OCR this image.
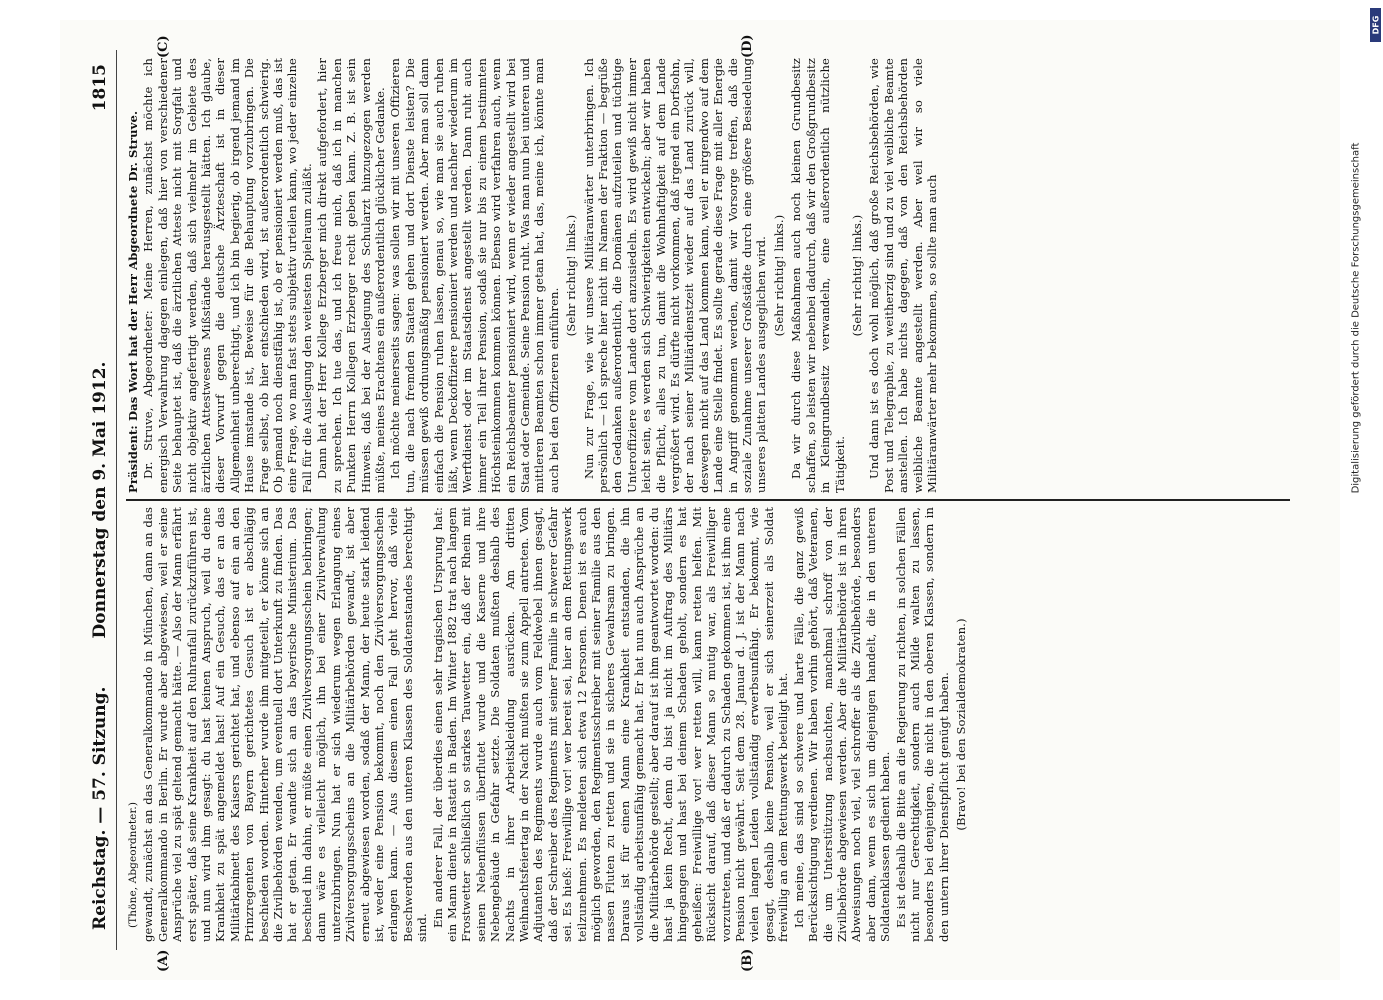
Reichstag. — 57. Sitzung.
Donnerstag den 9. Mai 1912.
1815
(A)	(B)
(C)	(D)

(Thöne, Abgeordneter.) gewandt, zunächst an das Generalkommando in München, dann an das Generalkommando in Berlin. Er wurde aber abgewiesen, weil er seine Ansprüche viel zu spät geltend gemacht hätte. — Also der Mann erfährt erst später, daß seine Krankheit auf den Ruhranfall zurückzuführen ist, und nun wird ihm gesagt: du hast keinen Anspruch, weil du deine Krankheit zu spät angemeldet hast! Auf ein Gesuch, das er an das Militärkabinett des Kaisers gerichtet hat, und ebenso auf ein an den Prinzregenten von Bayern gerichtetes Gesuch ist er abschlägig beschieden worden. Hinterher wurde ihm mitgeteilt, er könne sich an die Zivilbehörden wenden, um eventuell dort Unterkunft zu finden. Das hat er getan. Er wandte sich an das bayerische Ministerium. Das beschied ihn dahin, er müßte einen Zivilversorgungsschein beibringen; dann wäre es vielleicht möglich, ihn bei einer Zivilverwaltung unterzubringen. Nun hat er sich wiederum wegen Erlangung eines Zivilversorgungsscheins an die Militärbehörden gewandt, ist aber erneut abgewiesen worden, sodaß der Mann, der heute stark leidend ist, weder eine Pension bekommt, noch den Zivilversorgungsschein erlangen kann. — Aus diesem einen Fall geht hervor, daß viele Beschwerden aus den unteren Klassen des Soldatenstandes berechtigt sind. Ein anderer Fall, der überdies einen sehr tragischen Ursprung hat: ein Mann diente in Rastatt in Baden. Im Winter 1882 trat nach langem Frostwetter schließlich so starkes Tauwetter ein, daß der Rhein mit seinen Nebenflüssen überflutet wurde und die Kaserne und ihre Nebengebäude in Gefahr setzte. Die Soldaten mußten deshalb des Nachts in ihrer Arbeitskleidung ausrücken. Am dritten Weihnachtsfeiertag in der Nacht mußten sie zum Appell antreten. Vom Adjutanten des Regiments wurde auch vom Feldwebel ihnen gesagt, daß der Schreiber des Regiments mit seiner Familie in schwerer Gefahr sei. Es hieß: Freiwillige vor! wer bereit sei, hier an dem Rettungswerk teilzunehmen. Es meldeten sich etwa 12 Personen. Denen ist es auch möglich geworden, den Regimentsschreiber mit seiner Familie aus den nassen Fluten zu retten und sie in sicheres Gewahrsam zu bringen. Daraus ist für einen Mann eine Krankheit entstanden, die ihn vollständig arbeitsunfähig gemacht hat. Er hat nun auch Ansprüche an die Militärbehörde gestellt; aber darauf ist ihm geantwortet worden: du hast ja kein Recht, denn du bist ja nicht im Auftrag des Militärs hingegangen und hast bei deinem Schaden geholt, sondern es hat geheißen: Freiwillige vor! wer retten will, kann retten helfen. Mit Rücksicht darauf, daß dieser Mann so mutig war, als Freiwilliger vorzutreten, und daß er dadurch zu Schaden gekommen ist, ist ihm eine Pension nicht gewährt. Seit dem 28. Januar d. J. ist der Mann nach vielen langen Leiden vollständig erwerbsunfähig. Er bekommt, wie gesagt, deshalb keine Pension, weil er sich seinerzeit als Soldat freiwillig an dem Rettungswerk beteiligt hat. Ich meine, das sind so schwere und harte Fälle, die ganz gewiß Berücksichtigung verdienen. Wir haben vorhin gehört, daß Veteranen, die um Unterstützung nachsuchten, manchmal schroff von der Zivilbehörde abgewiesen werden. Aber die Militärbehörde ist in ihren Abweisungen noch viel, viel schroffer als die Zivilbehörde, besonders aber dann, wenn es sich um diejenigen handelt, die in den unteren Soldatenklassen gedient haben. Es ist deshalb die Bitte an die Regierung zu richten, in solchen Fällen nicht nur Gerechtigkeit, sondern auch Milde walten zu lassen, besonders bei denjenigen, die nicht in den oberen Klassen, sondern in den untern ihrer Dienstpflicht genügt haben. (Bravo! bei den Sozialdemokraten.)

Präsident: Das Wort hat der Herr Abgeordnete Dr. Struve. Dr. Struve, Abgeordneter: Meine Herren, zunächst möchte ich energisch Verwahrung dagegen einlegen, daß hier von verschiedener Seite behauptet ist, daß die ärztlichen Atteste nicht mit Sorgfalt und nicht objektiv angefertigt werden, daß sich vielmehr im Gebiete des ärztlichen Attestwesens Mißstände herausgestellt hätten. Ich glaube, dieser Vorwurf gegen die deutsche Ärzteschaft ist in dieser Allgemeinheit unberechtigt, und ich bin begierig, ob irgend jemand im Hause imstande ist, Beweise für die Behauptung vorzubringen. Die Frage selbst, ob hier entschieden wird, ist außerordentlich schwierig. Ob jemand noch dienstfähig ist, ob er pensioniert werden muß, das ist eine Frage, wo man fast stets subjektiv urteilen kann, wo jeder einzelne Fall für die Auslegung den weitesten Spielraum zuläßt. Dann hat der Herr Kollege Erzberger mich direkt aufgefordert, hier zu sprechen. Ich tue das, und ich freue mich, daß ich in manchen Punkten Herrn Kollegen Erzberger recht geben kann. Z. B. ist sein Hinweis, daß bei der Auslegung des Schularzt hinzugezogen werden müßte, meines Erachtens ein außerordentlich glücklicher Gedanke. Ich möchte meinerseits sagen: was sollen wir mit unseren Offizieren tun, die nach fremden Staaten gehen und dort Dienste leisten? Die müssen gewiß ordnungsmäßig pensioniert werden. Aber man soll dann einfach die Pension ruhen lassen, genau so, wie man sie auch ruhen läßt, wenn Deckoffiziere pensioniert werden und nachher wiederum im Werftdienst oder im Staatsdienst angestellt werden. Dann ruht auch immer ein Teil ihrer Pension, sodaß sie nur bis zu einem bestimmten Höchsteinkommen kommen können. Ebenso wird verfahren auch, wenn ein Reichsbeamter pensioniert wird, wenn er wieder angestellt wird bei Staat oder Gemeinde. Seine Pension ruht. Was man nun bei unteren und mittleren Beamten schon immer getan hat, das, meine ich, könnte man auch bei den Offizieren einführen.

(Sehr richtig! links.) Nun zur Frage, wie wir unsere Militäranwärter unterbringen. Ich persönlich — ich spreche hier nicht im Namen der Fraktion — begrüße den Gedanken außerordentlich, die Domänen aufzuteilen und tüchtige Unteroffiziere vom Lande dort anzusiedeln. Es wird gewiß nicht immer leicht sein, es werden sich Schwierigkeiten entwickeln; aber wir haben die Pflicht, alles zu tun, damit die Wohnhaftigkeit auf dem Lande vergrößert wird. Es dürfte nicht vorkommen, daß irgend ein Dorfsohn, der nach seiner Militärdienstzeit wieder auf das Land zurück will, deswegen nicht auf das Land kommen kann, weil er nirgendwo auf dem Lande eine Stelle findet. Es sollte gerade diese Frage mit aller Energie in Angriff genommen werden, damit wir Vorsorge treffen, daß die soziale Zunahme unserer Großstädte durch eine größere Besiedelung unseres platten Landes ausgeglichen wird. (Sehr richtig! links.) Da wir durch diese Maßnahmen auch noch kleinen Grundbesitz schaffen, so leisten wir nebenbei dadurch, daß wir den Großgrundbesitz in Kleingrundbesitz verwandeln, eine außerordentlich nützliche Tätigkeit.

(Sehr richtig! links.) Und dann ist es doch wohl möglich, daß große Reichsbehörden, wie Post und Telegraphie, zu weitherzig sind und zu viel weibliche Beamte anstellen. Ich habe nichts dagegen, daß von den Reichsbehörden weibliche Beamte angestellt werden. Aber weil wir so viele Militäranwärter mehr bekommen, so sollte man auch	Digitalisierung gefördert durch die Deutsche Forschungsgemeinschaft
DFG
